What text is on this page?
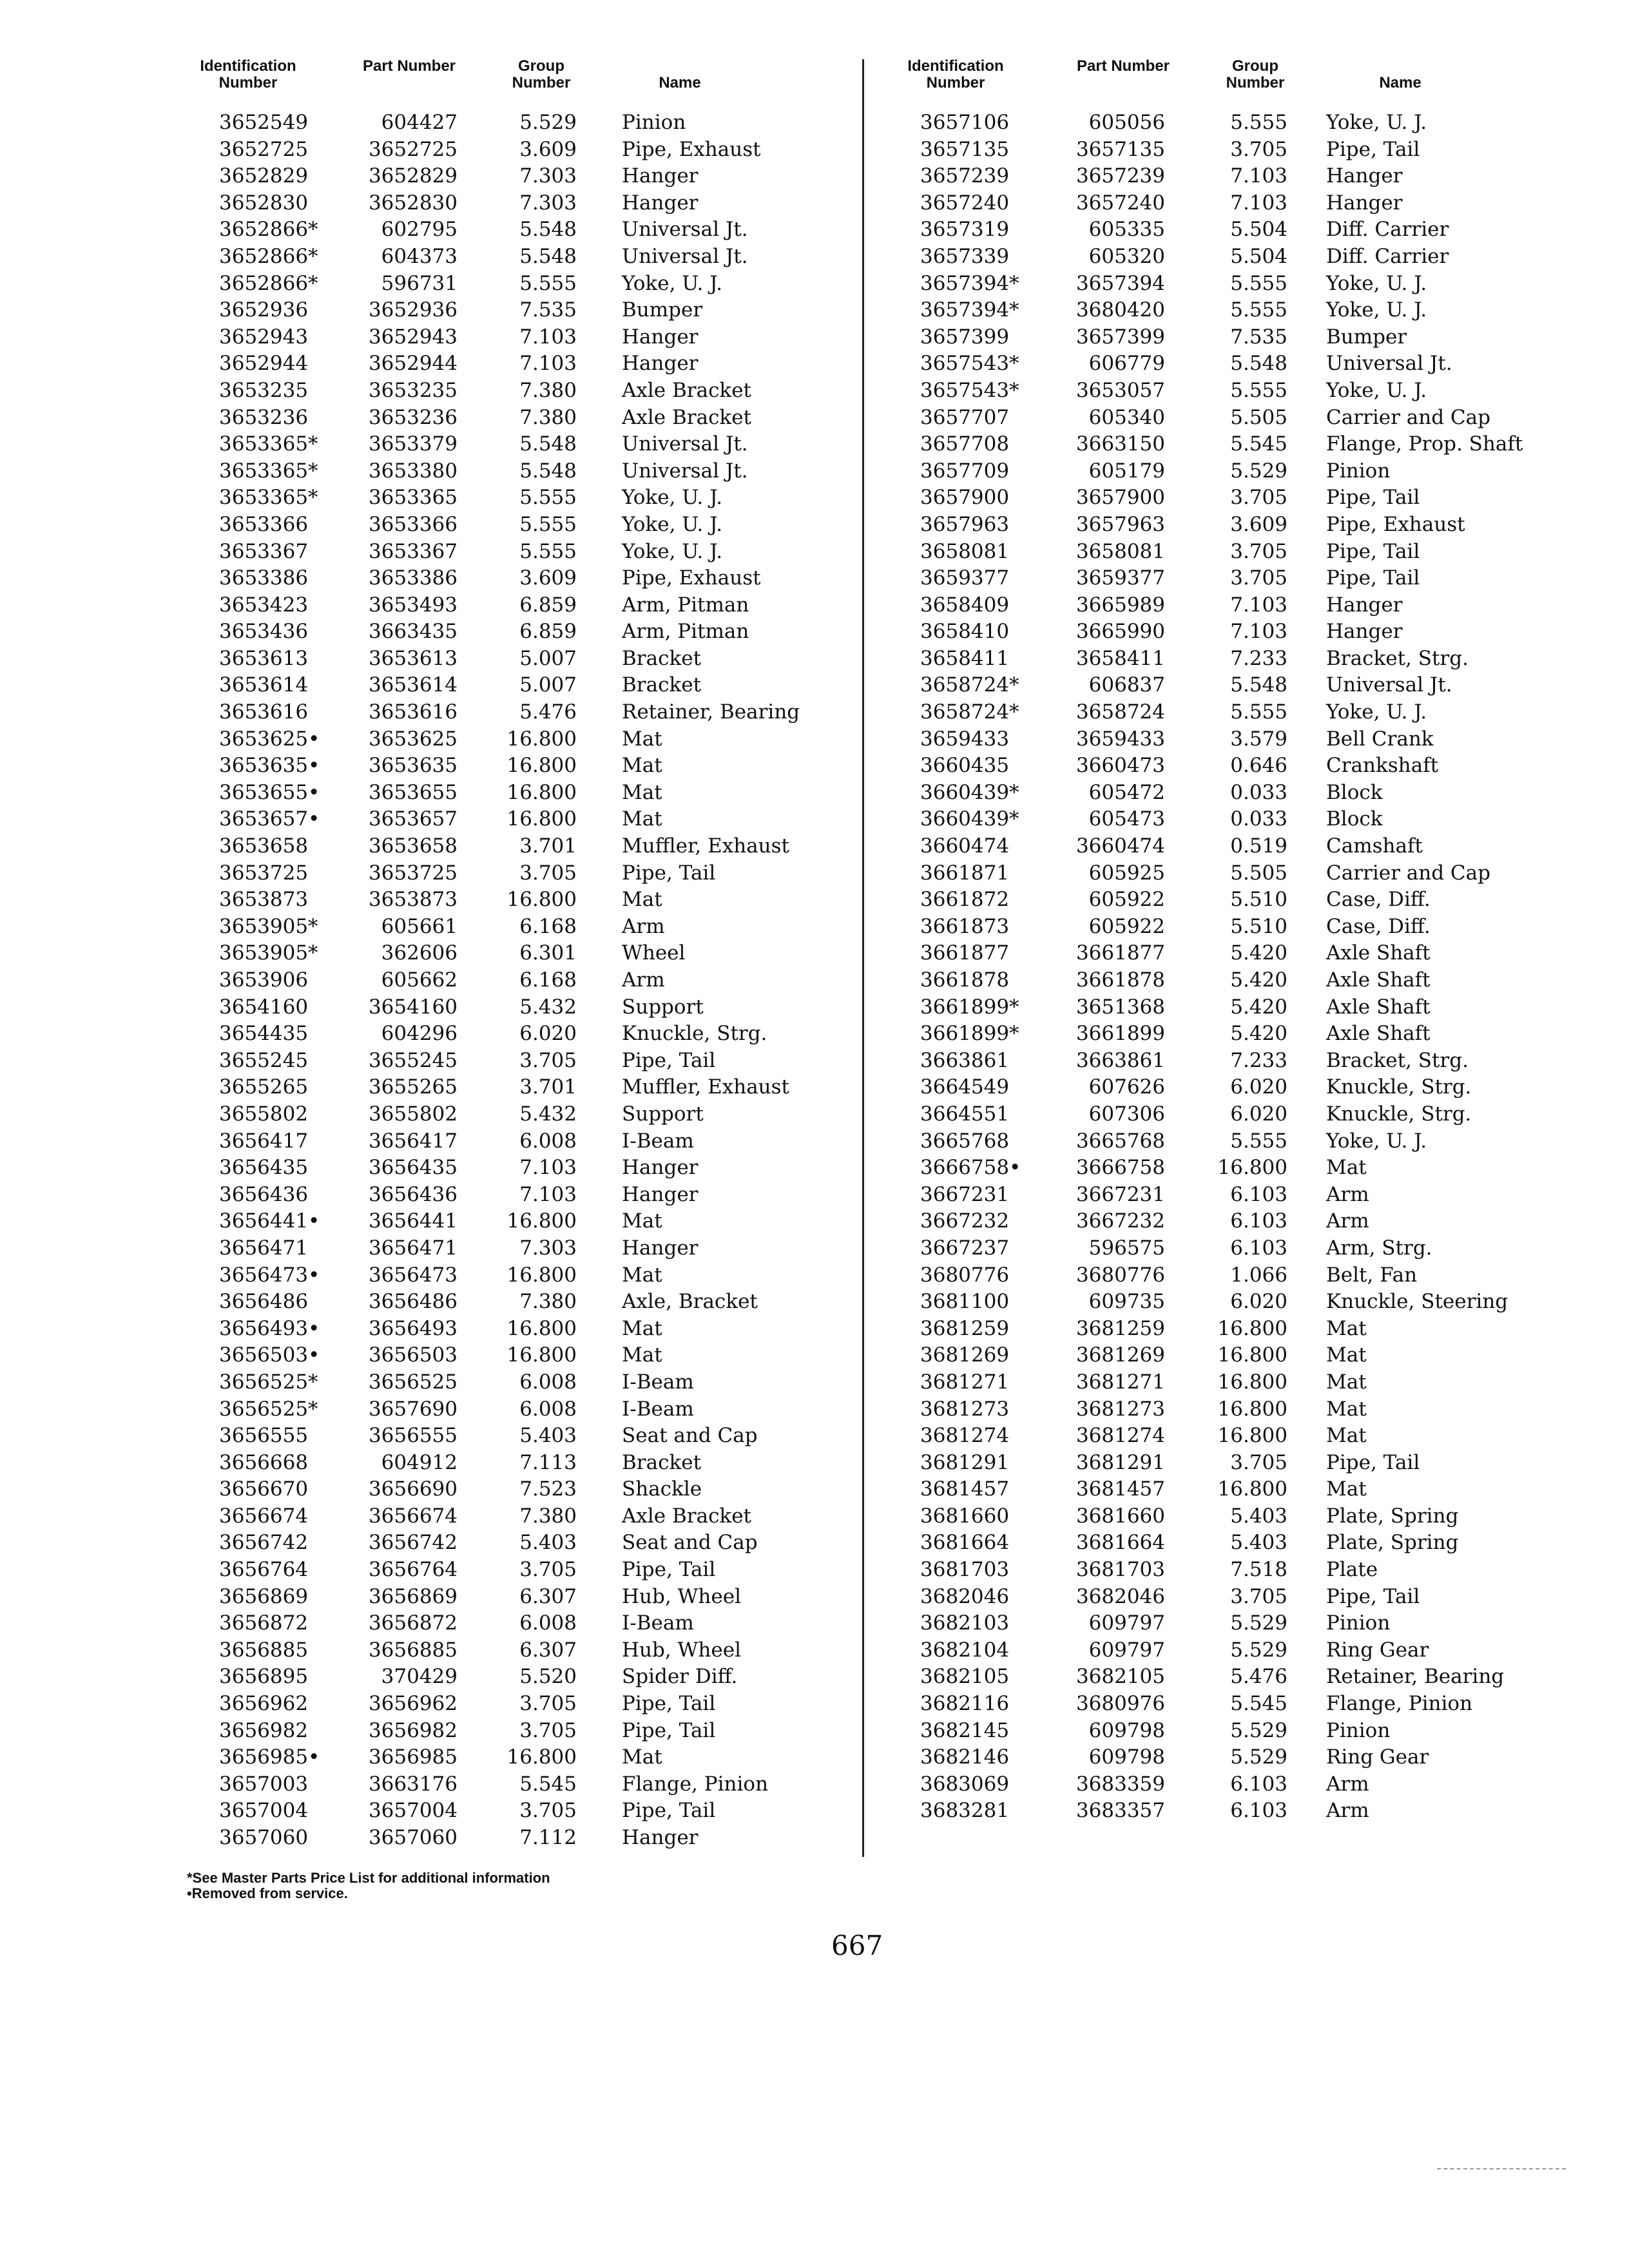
Identification Number
Part Number	Group Number	Name
3652549	604427	5.529 Pinion
3652725	3652725	3.609 Pipe, Exhaust
3652829	3652829	7.303 Hanger
3652830	3652830	7.303 Hanger
3652866*	602795	5.548 Universal Jt.
3652866*	604373	5.548 Universal Jt.
3652866*	596731	5.555 Yoke, U. J.
3652936	3652936	7.535 Bumper
3652943	3652943	7.103 Hanger
3652944	3652944	7.103 Hanger
3653235	3653235	7.380 Axle Bracket
3653236	3653236	7.380 Axle Bracket
3653365*	3653379	5.548 Universal Jt.
3653365*	3653380	5.548 Universal Jt.
3653365*	3653365	5.555 Yoke, U. J.
3653366	3653366	5.555 Yoke, U. J.
3653367	3653367	5.555 Yoke, U. J.
3653386	3653386	3.609 Pipe, Exhaust
3653423	3653493	6.859 Arm, Pitman
3653436	3663435	6.859 Arm, Pitman
3653613	3653613	5.007 Bracket
3653614	3653614	5.007 Bracket
3653616	3653616	5.476 Retainer, Bearing
3653625•	3653625	16.800 Mat
3653635•	3653635	16.800 Mat
3653655•	3653655	16.800 Mat
3653657•	3653657	16.800 Mat
3653658	3653658	3.701 Muffler, Exhaust
3653725	3653725	3.705 Pipe, Tail
3653873	3653873	16.800 Mat
3653905*	605661	6.168 Arm
3653905*	362606	6.301 Wheel
3653906	605662	6.168 Arm
3654160	3654160	5.432 Support
3654435	604296	6.020 Knuckle, Strg.
3655245	3655245	3.705 Pipe, Tail
3655265	3655265	3.701 Muffler, Exhaust
3655802	3655802	5.432 Support
3656417	3656417	6.008 I-Beam
3656435	3656435	7.103 Hanger
3656436	3656436	7.103 Hanger
3656441•	3656441	16.800 Mat
3656471	3656471	7.303 Hanger
3656473•	3656473	16.800 Mat
3656486	3656486	7.380 Axle, Bracket
3656493•	3656493	16.800 Mat
3656503•	3656503	16.800 Mat
3656525*	3656525	6.008 I-Beam
3656525*	3657690	6.008 I-Beam
3656555	3656555	5.403 Seat and Cap
3656668	604912	7.113 Bracket
3656670	3656690	7.523 Shackle
3656674	3656674	7.380 Axle Bracket
3656742	3656742	5.403 Seat and Cap
3656764	3656764	3.705 Pipe, Tail
3656869	3656869	6.307 Hub, Wheel
3656872	3656872	6.008 I-Beam
3656885	3656885	6.307 Hub, Wheel
3656895	370429	5.520 Spider Diff.
3656962	3656962	3.705 Pipe, Tail
3656982	3656982	3.705 Pipe, Tail
3656985•	3656985	16.800 Mat
3657003	3663176	5.545 Flange, Pinion
3657004	3657004	3.705 Pipe, Tail
3657060	3657060	7.112 Hanger
Identification Number
Part Number	Group Number	Name
3657106	605056	5.555 Yoke, U. J.
3657135	3657135	3.705 Pipe, Tail
3657239	3657239	7.103 Hanger
3657240	3657240	7.103 Hanger
3657319	605335	5.504 Diff. Carrier
3657339	605320	5.504 Diff. Carrier
3657394*	3657394	5.555 Yoke, U. J.
3657394*	3680420	5.555 Yoke, U. J.
3657399	3657399	7.535 Bumper
3657543*	606779	5.548 Universal Jt.
3657543*	3653057	5.555 Yoke, U. J.
3657707	605340	5.505 Carrier and Cap
3657708	3663150	5.545 Flange, Prop. Shaft
3657709	605179	5.529 Pinion
3657900	3657900	3.705 Pipe, Tail
3657963	3657963	3.609 Pipe, Exhaust
3658081	3658081	3.705 Pipe, Tail
3659377	3659377	3.705 Pipe, Tail
3658409	3665989	7.103 Hanger
3658410	3665990	7.103 Hanger
3658411	3658411	7.233 Bracket, Strg.
3658724*	606837	5.548 Universal Jt.
3658724*	3658724	5.555 Yoke, U. J.
3659433	3659433	3.579 Bell Crank
3660435	3660473	0.646 Crankshaft
3660439*	605472	0.033 Block
3660439*	605473	0.033 Block
3660474	3660474	0.519 Camshaft
3661871	605925	5.505 Carrier and Cap
3661872	605922	5.510 Case, Diff.
3661873	605922	5.510 Case, Diff.
3661877	3661877	5.420 Axle Shaft
3661878	3661878	5.420 Axle Shaft
3661899*	3651368	5.420 Axle Shaft
3661899*	3661899	5.420 Axle Shaft
3663861	3663861	7.233 Bracket, Strg.
3664549	607626	6.020 Knuckle, Strg.
3664551	607306	6.020 Knuckle, Strg.
3665768	3665768	5.555 Yoke, U. J.
3666758•	3666758	16.800 Mat
3667231	3667231	6.103 Arm
3667232	3667232	6.103 Arm
3667237	596575	6.103 Arm, Strg.
3680776	3680776	1.066 Belt, Fan
3681100	609735	6.020 Knuckle, Steering
3681259	3681259	16.800 Mat
3681269	3681269	16.800 Mat
3681271	3681271	16.800 Mat
3681273	3681273	16.800 Mat
3681274	3681274	16.800 Mat
3681291	3681291	3.705 Pipe, Tail
3681457	3681457	16.800 Mat
3681660	3681660	5.403 Plate, Spring
3681664	3681664	5.403 Plate, Spring
3681703	3681703	7.518 Plate
3682046	3682046	3.705 Pipe, Tail
3682103	609797	5.529 Pinion
3682104	609797	5.529 Ring Gear
3682105	3682105	5.476 Retainer, Bearing
3682116	3680976	5.545 Flange, Pinion
3682145	609798	5.529 Pinion
3682146	609798	5.529 Ring Gear
3683069	3683359	6.103 Arm
3683281	3683357	6.103 Arm
*See Master Parts Price List for additional information
•Removed from service.
667
